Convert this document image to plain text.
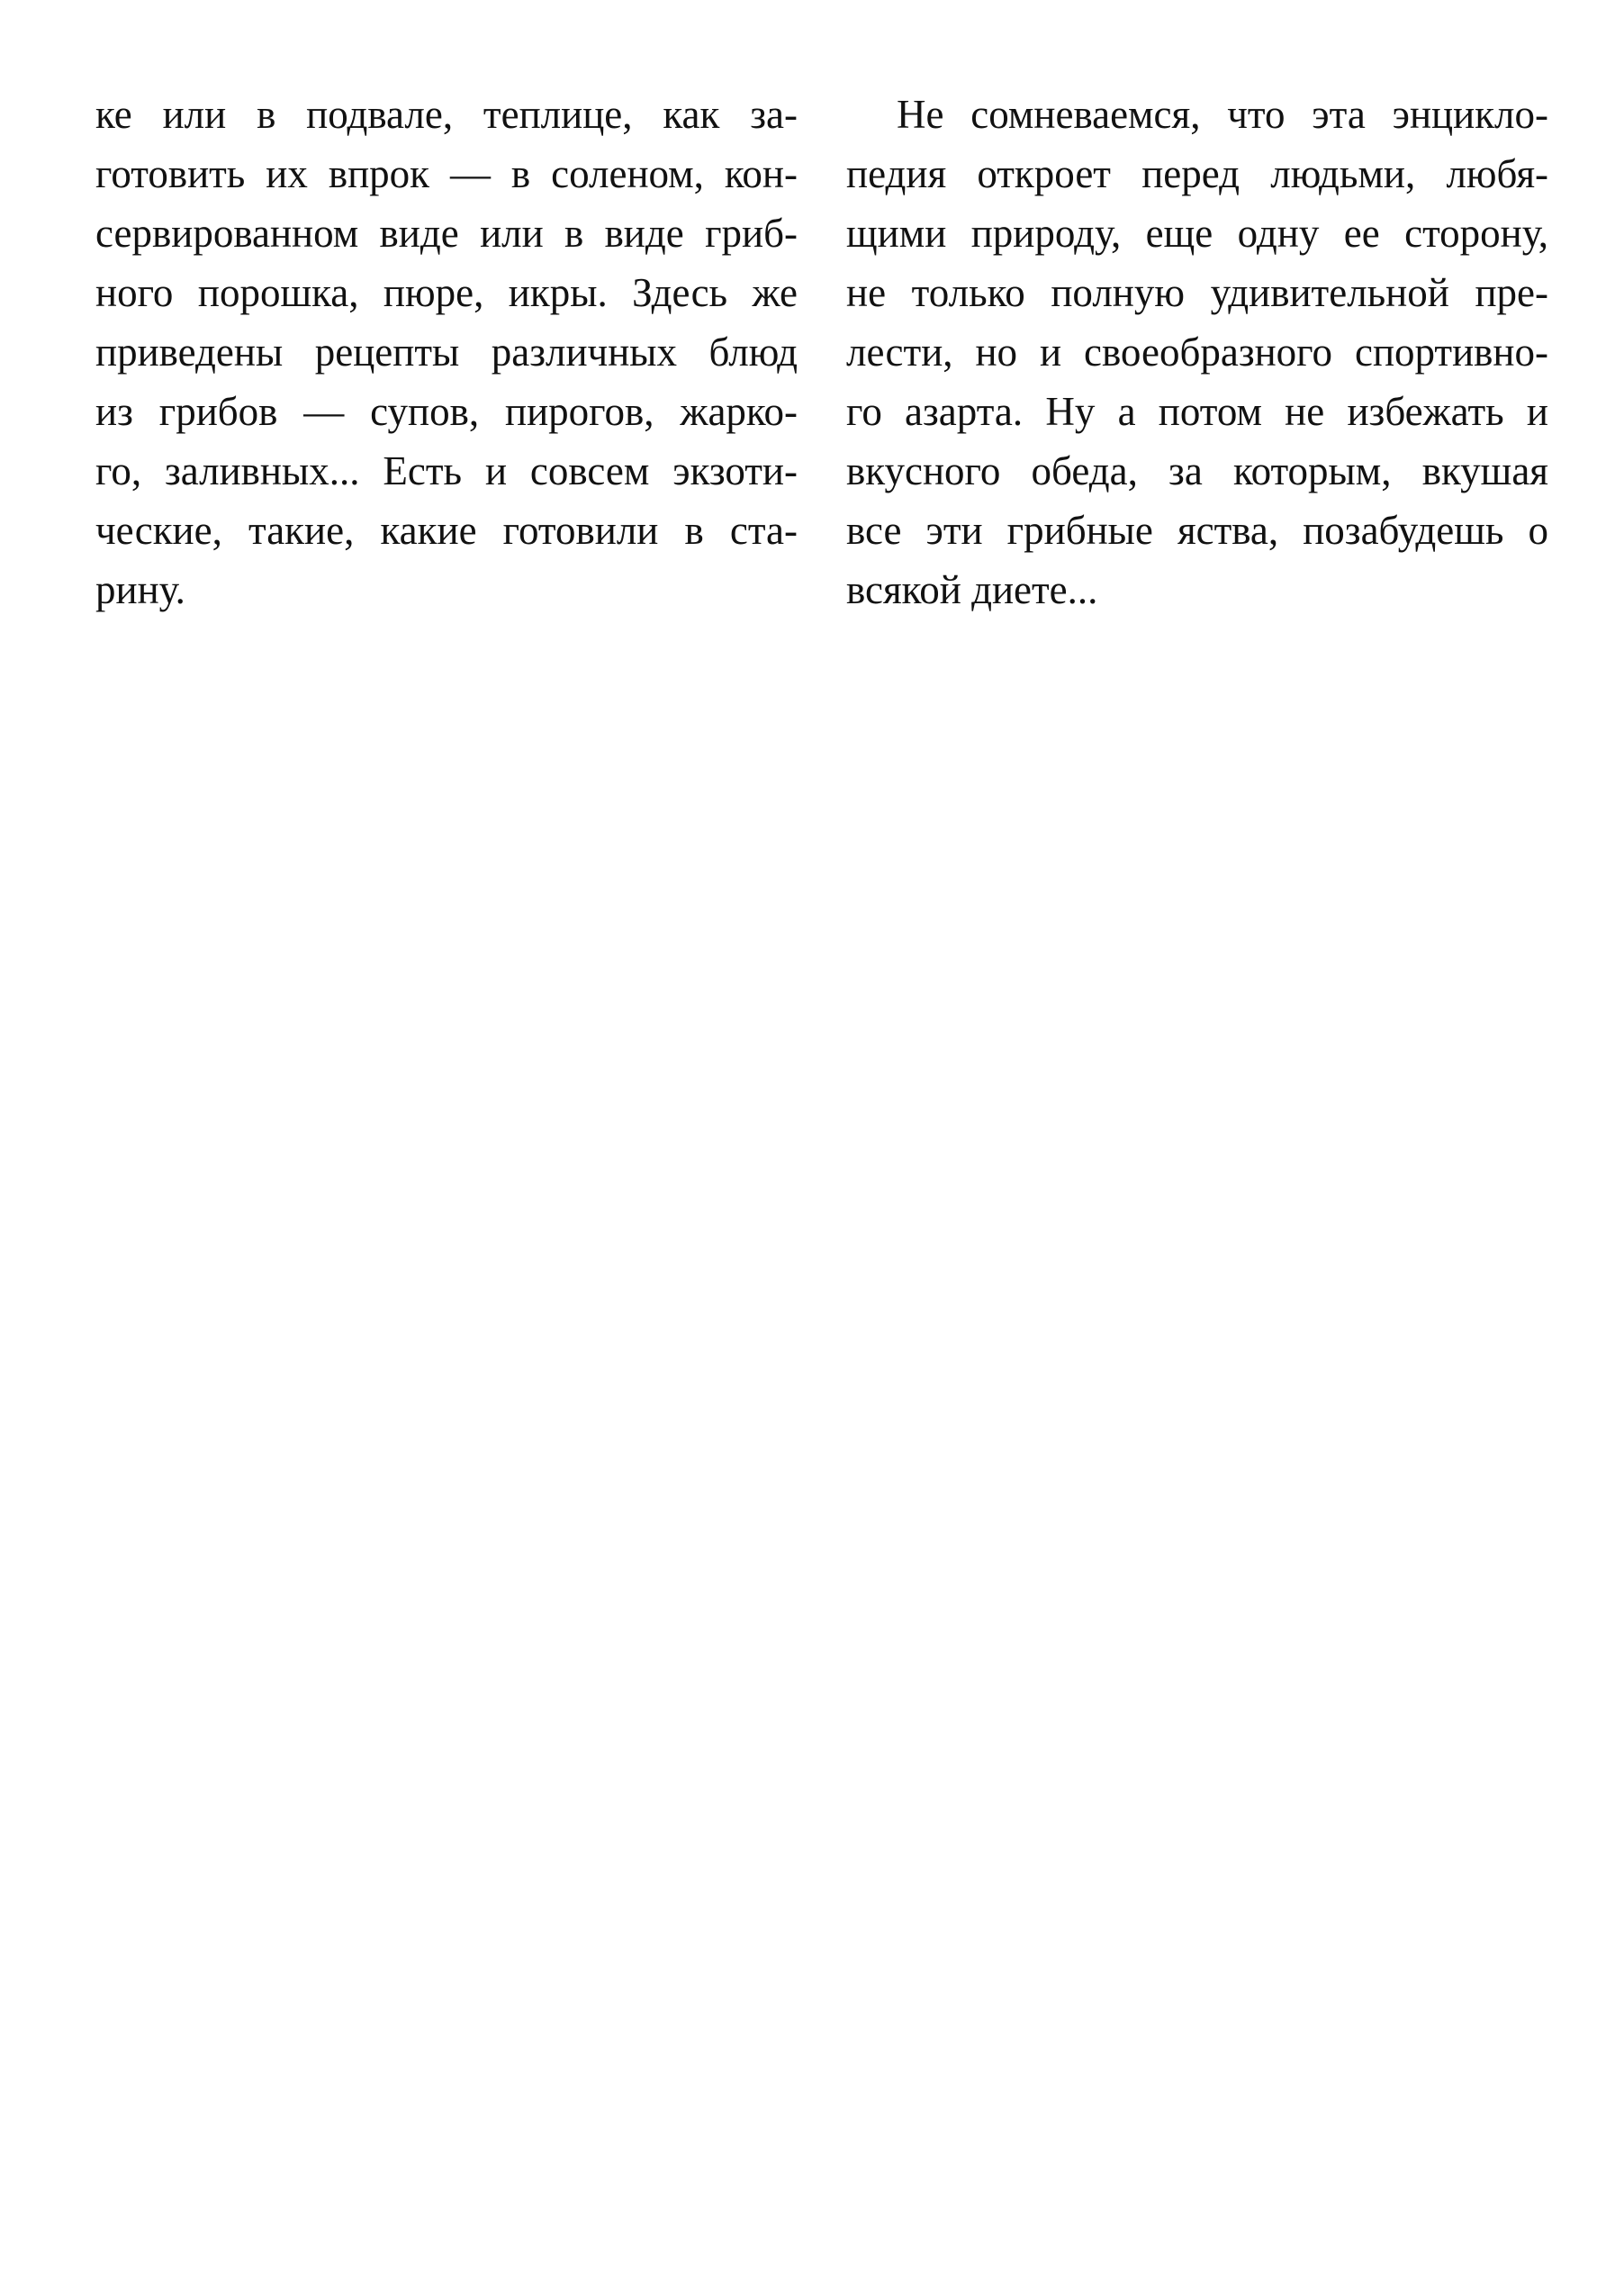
ке или в подвале, теплице, как за-
готовить их впрок — в соленом, кон-
сервированном виде или в виде гриб-
ного порошка, пюре, икры. Здесь же
приведены рецепты различных блюд
из грибов — супов, пирогов, жарко-
го, заливных... Есть и совсем экзоти-
ческие, такие, какие готовили в ста-
рину.
Не сомневаемся, что эта энцикло-
педия откроет перед людьми, любя-
щими природу, еще одну ее сторону,
не только полную удивительной пре-
лести, но и своеобразного спортивно-
го азарта. Ну а потом не избежать и
вкусного обеда, за которым, вкушая
все эти грибные яства, позабудешь о
всякой диете...
